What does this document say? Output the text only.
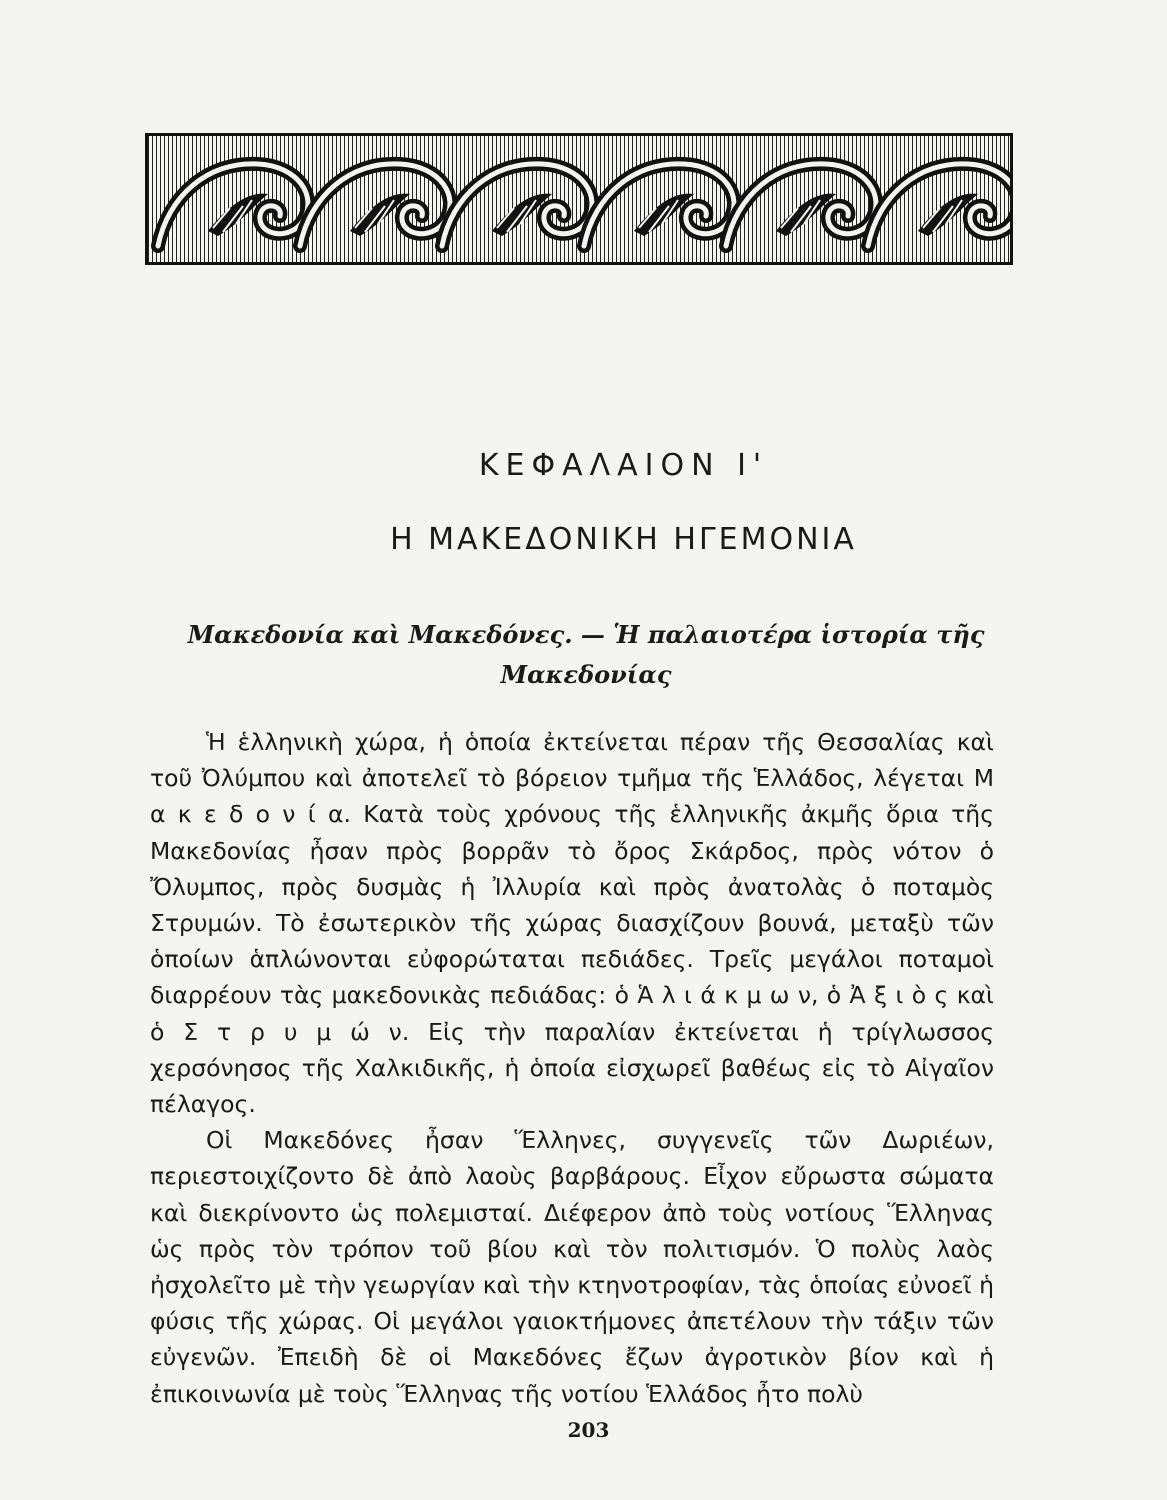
ΚΕΦΑΛΑΙΟΝ Ι'
Η ΜΑΚΕΔΟΝΙΚΗ ΗΓΕΜΟΝΙΑ
Μακεδονία καὶ Μακεδόνες. — Ἡ παλαιοτέρα ἱστορία τῆς Μακεδονίας

Ἡ ἑλληνικὴ χώρα, ἡ ὁποία ἐκτείνεται πέραν τῆς Θεσσαλίας καὶ τοῦ Ὀλύμπου καὶ ἀποτελεῖ τὸ βόρειον τμῆμα τῆς Ἑλλάδος, λέγεται Μ α κ ε δ ο ν ί α. Κατὰ τοὺς χρόνους τῆς ἑλληνικῆς ἀκμῆς ὅρια τῆς Μακεδονίας ἦσαν πρὸς βορρᾶν τὸ ὄρος Σκάρδος, πρὸς νότον ὁ Ὄλυμπος, πρὸς δυσμὰς ἡ Ἰλλυρία καὶ πρὸς ἀνατολὰς ὁ ποταμὸς Στρυμών. Τὸ ἐσωτερικὸν τῆς χώρας διασχίζουν βουνά, μεταξὺ τῶν ὁποίων ἁπλώνονται εὐφορώταται πεδιάδες. Τρεῖς μεγάλοι ποταμοὶ διαρρέουν τὰς μακεδονικὰς πεδιάδας: ὁ Ἁ λ ι ά κ μ ω ν, ὁ Ἀ ξ ι ὸ ς καὶ ὁ Σ τ ρ υ μ ώ ν. Εἰς τὴν παραλίαν ἐκτείνεται ἡ τρίγλωσσος χερσόνησος τῆς Χαλκιδικῆς, ἡ ὁποία εἰσχωρεῖ βαθέως εἰς τὸ Αἰγαῖον πέλαγος.

Οἱ Μακεδόνες ἦσαν Ἕλληνες, συγγενεῖς τῶν Δωριέων, περιεστοιχίζοντο δὲ ἀπὸ λαοὺς βαρβάρους. Εἶχον εὔρωστα σώματα καὶ διεκρίνοντο ὡς πολεμισταί. Διέφερον ἀπὸ τοὺς νοτίους Ἕλληνας ὡς πρὸς τὸν τρόπον τοῦ βίου καὶ τὸν πολιτισμόν. Ὁ πολὺς λαὸς ἠσχολεῖτο μὲ τὴν γεωργίαν καὶ τὴν κτηνοτροφίαν, τὰς ὁποίας εὐνοεῖ ἡ φύσις τῆς χώρας. Οἱ μεγάλοι γαιοκτήμονες ἀπετέλουν τὴν τάξιν τῶν εὐγενῶν. Ἐπειδὴ δὲ οἱ Μακεδόνες ἔζων ἀγροτικὸν βίον καὶ ἡ ἐπικοινωνία μὲ τοὺς Ἕλληνας τῆς νοτίου Ἑλλάδος ἦτο πολὺ

203
